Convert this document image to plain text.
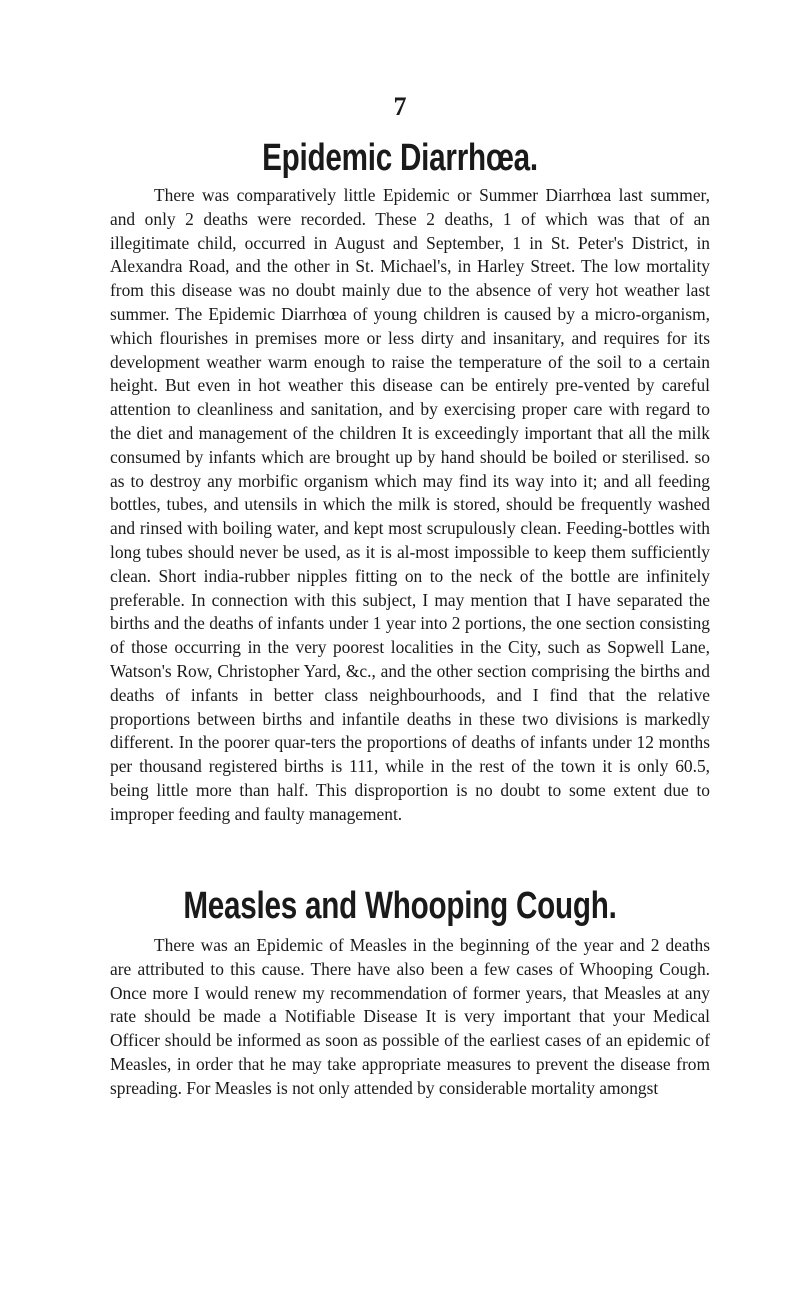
7
Epidemic Diarrhœa.

There was comparatively little Epidemic or Summer Diarrhœa last summer, and only 2 deaths were recorded. These 2 deaths, 1 of which was that of an illegitimate child, occurred in August and September, 1 in St. Peter's District, in Alexandra Road, and the other in St. Michael's, in Harley Street. The low mortality from this disease was no doubt mainly due to the absence of very hot weather last summer. The Epidemic Diarrhœa of young children is caused by a micro-organism, which flourishes in premises more or less dirty and insanitary, and requires for its development weather warm enough to raise the temperature of the soil to a certain height. But even in hot weather this disease can be entirely pre-vented by careful attention to cleanliness and sanitation, and by exercising proper care with regard to the diet and management of the children It is exceedingly important that all the milk consumed by infants which are brought up by hand should be boiled or sterilised. so as to destroy any morbific organism which may find its way into it; and all feeding bottles, tubes, and utensils in which the milk is stored, should be frequently washed and rinsed with boiling water, and kept most scrupulously clean. Feeding-bottles with long tubes should never be used, as it is al-most impossible to keep them sufficiently clean. Short india-rubber nipples fitting on to the neck of the bottle are infinitely preferable. In connection with this subject, I may mention that I have separated the births and the deaths of infants under 1 year into 2 portions, the one section consisting of those occurring in the very poorest localities in the City, such as Sopwell Lane, Watson's Row, Christopher Yard, &c., and the other section comprising the births and deaths of infants in better class neighbourhoods, and I find that the relative proportions between births and infantile deaths in these two divisions is markedly different. In the poorer quar-ters the proportions of deaths of infants under 12 months per thousand registered births is 111, while in the rest of the town it is only 60.5, being little more than half. This disproportion is no doubt to some extent due to improper feeding and faulty management.

Measles and Whooping Cough.

There was an Epidemic of Measles in the beginning of the year and 2 deaths are attributed to this cause. There have also been a few cases of Whooping Cough. Once more I would renew my recommendation of former years, that Measles at any rate should be made a Notifiable Disease It is very important that your Medical Officer should be informed as soon as possible of the earliest cases of an epidemic of Measles, in order that he may take appropriate measures to prevent the disease from spreading. For Measles is not only attended by considerable mortality amongst
